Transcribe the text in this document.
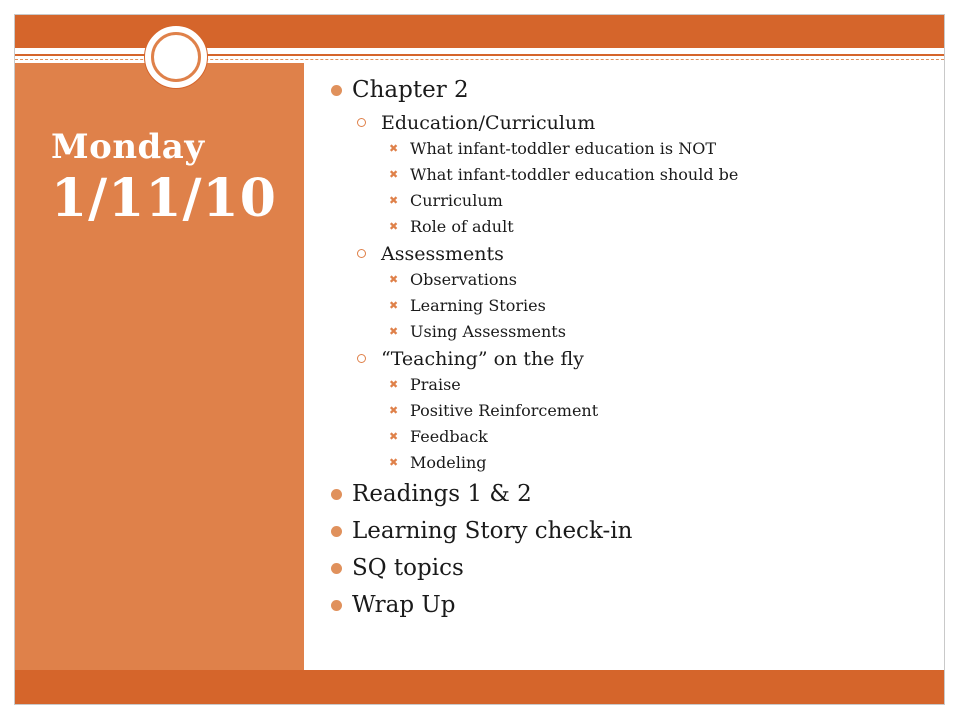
Monday
1/11/10
Chapter 2
Education/Curriculum
✖ What infant-toddler education is NOT
✖ What infant-toddler education should be
✖ Curriculum
✖ Role of adult
Assessments
✖ Observations
✖ Learning Stories
✖ Using Assessments
“Teaching” on the fly
✖ Praise
✖ Positive Reinforcement
✖ Feedback
✖ Modeling
Readings 1 & 2
Learning Story check-in
SQ topics
Wrap Up
